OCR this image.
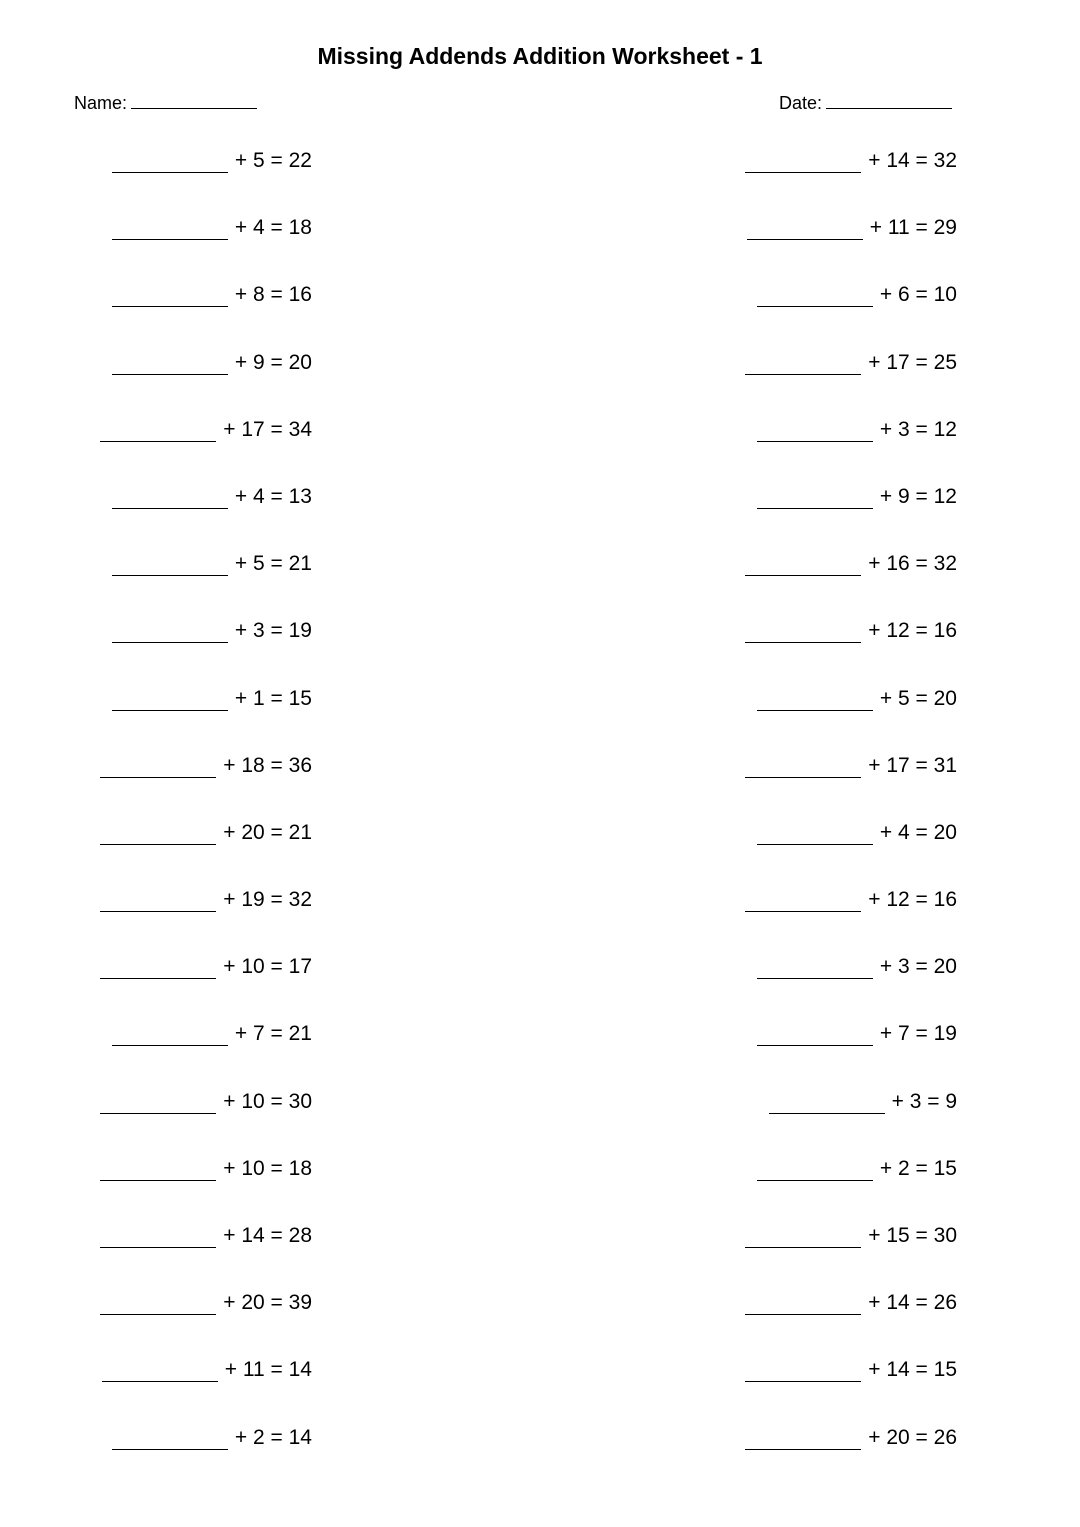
Missing Addends Addition Worksheet - 1
Name:	Date:
+ 5 = 22
+ 4 = 18
+ 8 = 16
+ 9 = 20
+ 17 = 34
+ 4 = 13
+ 5 = 21
+ 3 = 19
+ 1 = 15
+ 18 = 36
+ 20 = 21
+ 19 = 32
+ 10 = 17
+ 7 = 21
+ 10 = 30
+ 10 = 18
+ 14 = 28
+ 20 = 39
+ 11 = 14
+ 2 = 14
+ 14 = 32
+ 11 = 29
+ 6 = 10
+ 17 = 25
+ 3 = 12
+ 9 = 12
+ 16 = 32
+ 12 = 16
+ 5 = 20
+ 17 = 31
+ 4 = 20
+ 12 = 16
+ 3 = 20
+ 7 = 19
+ 3 = 9
+ 2 = 15
+ 15 = 30
+ 14 = 26
+ 14 = 15
+ 20 = 26
